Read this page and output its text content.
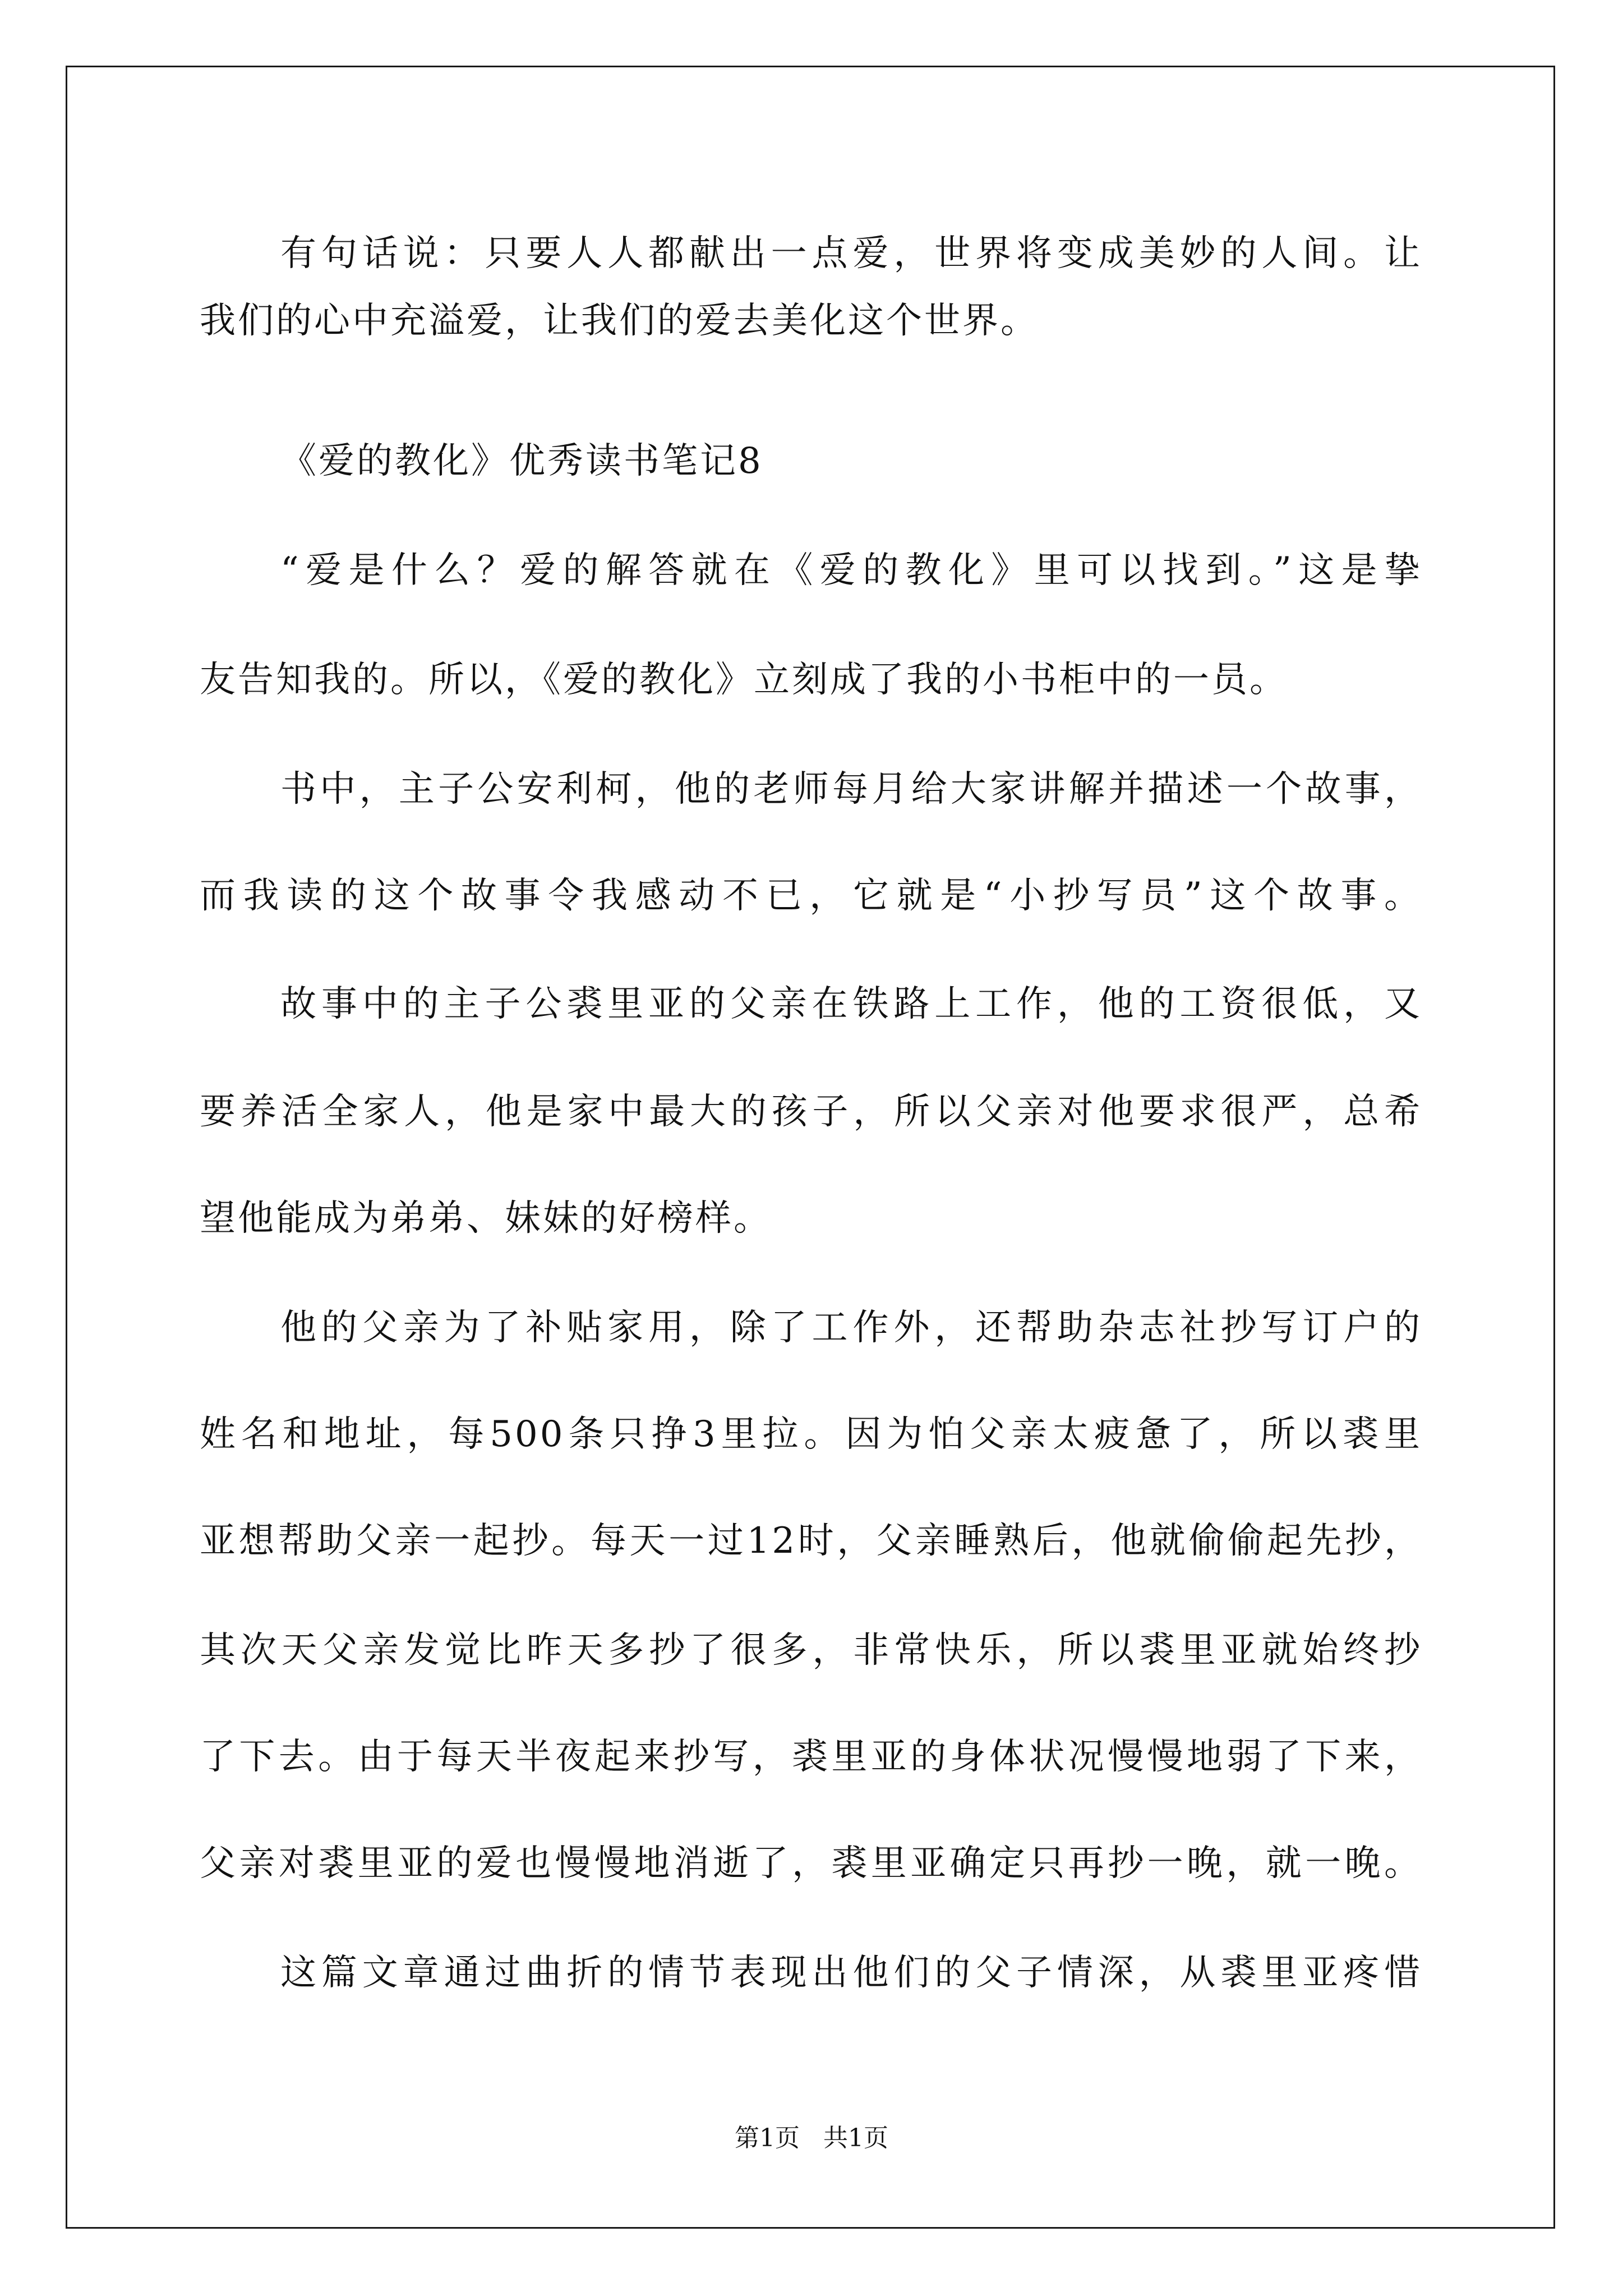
有句话说：只要人人都献出一点爱，世界将变成美妙的人间。让
我们的心中充溢爱，让我们的爱去美化这个世界。
《爱的教化》优秀读书笔记8
“爱是什么？爱的解答就在《爱的教化》里可以找到。”这是挚
友告知我的。所以，《爱的教化》立刻成了我的小书柜中的一员。
书中，主子公安利柯，他的老师每月给大家讲解并描述一个故事，
而我读的这个故事令我感动不已，它就是“小抄写员”这个故事。
故事中的主子公裘里亚的父亲在铁路上工作，他的工资很低，又
要养活全家人，他是家中最大的孩子，所以父亲对他要求很严，总希
望他能成为弟弟、妹妹的好榜样。
他的父亲为了补贴家用，除了工作外，还帮助杂志社抄写订户的
姓名和地址，每500条只挣3里拉。因为怕父亲太疲惫了，所以裘里
亚想帮助父亲一起抄。每天一过12时，父亲睡熟后，他就偷偷起先抄，
其次天父亲发觉比昨天多抄了很多，非常快乐，所以裘里亚就始终抄
了下去。由于每天半夜起来抄写，裘里亚的身体状况慢慢地弱了下来，
父亲对裘里亚的爱也慢慢地消逝了，裘里亚确定只再抄一晚，就一晚。
这篇文章通过曲折的情节表现出他们的父子情深，从裘里亚疼惜
第1页   共1页
